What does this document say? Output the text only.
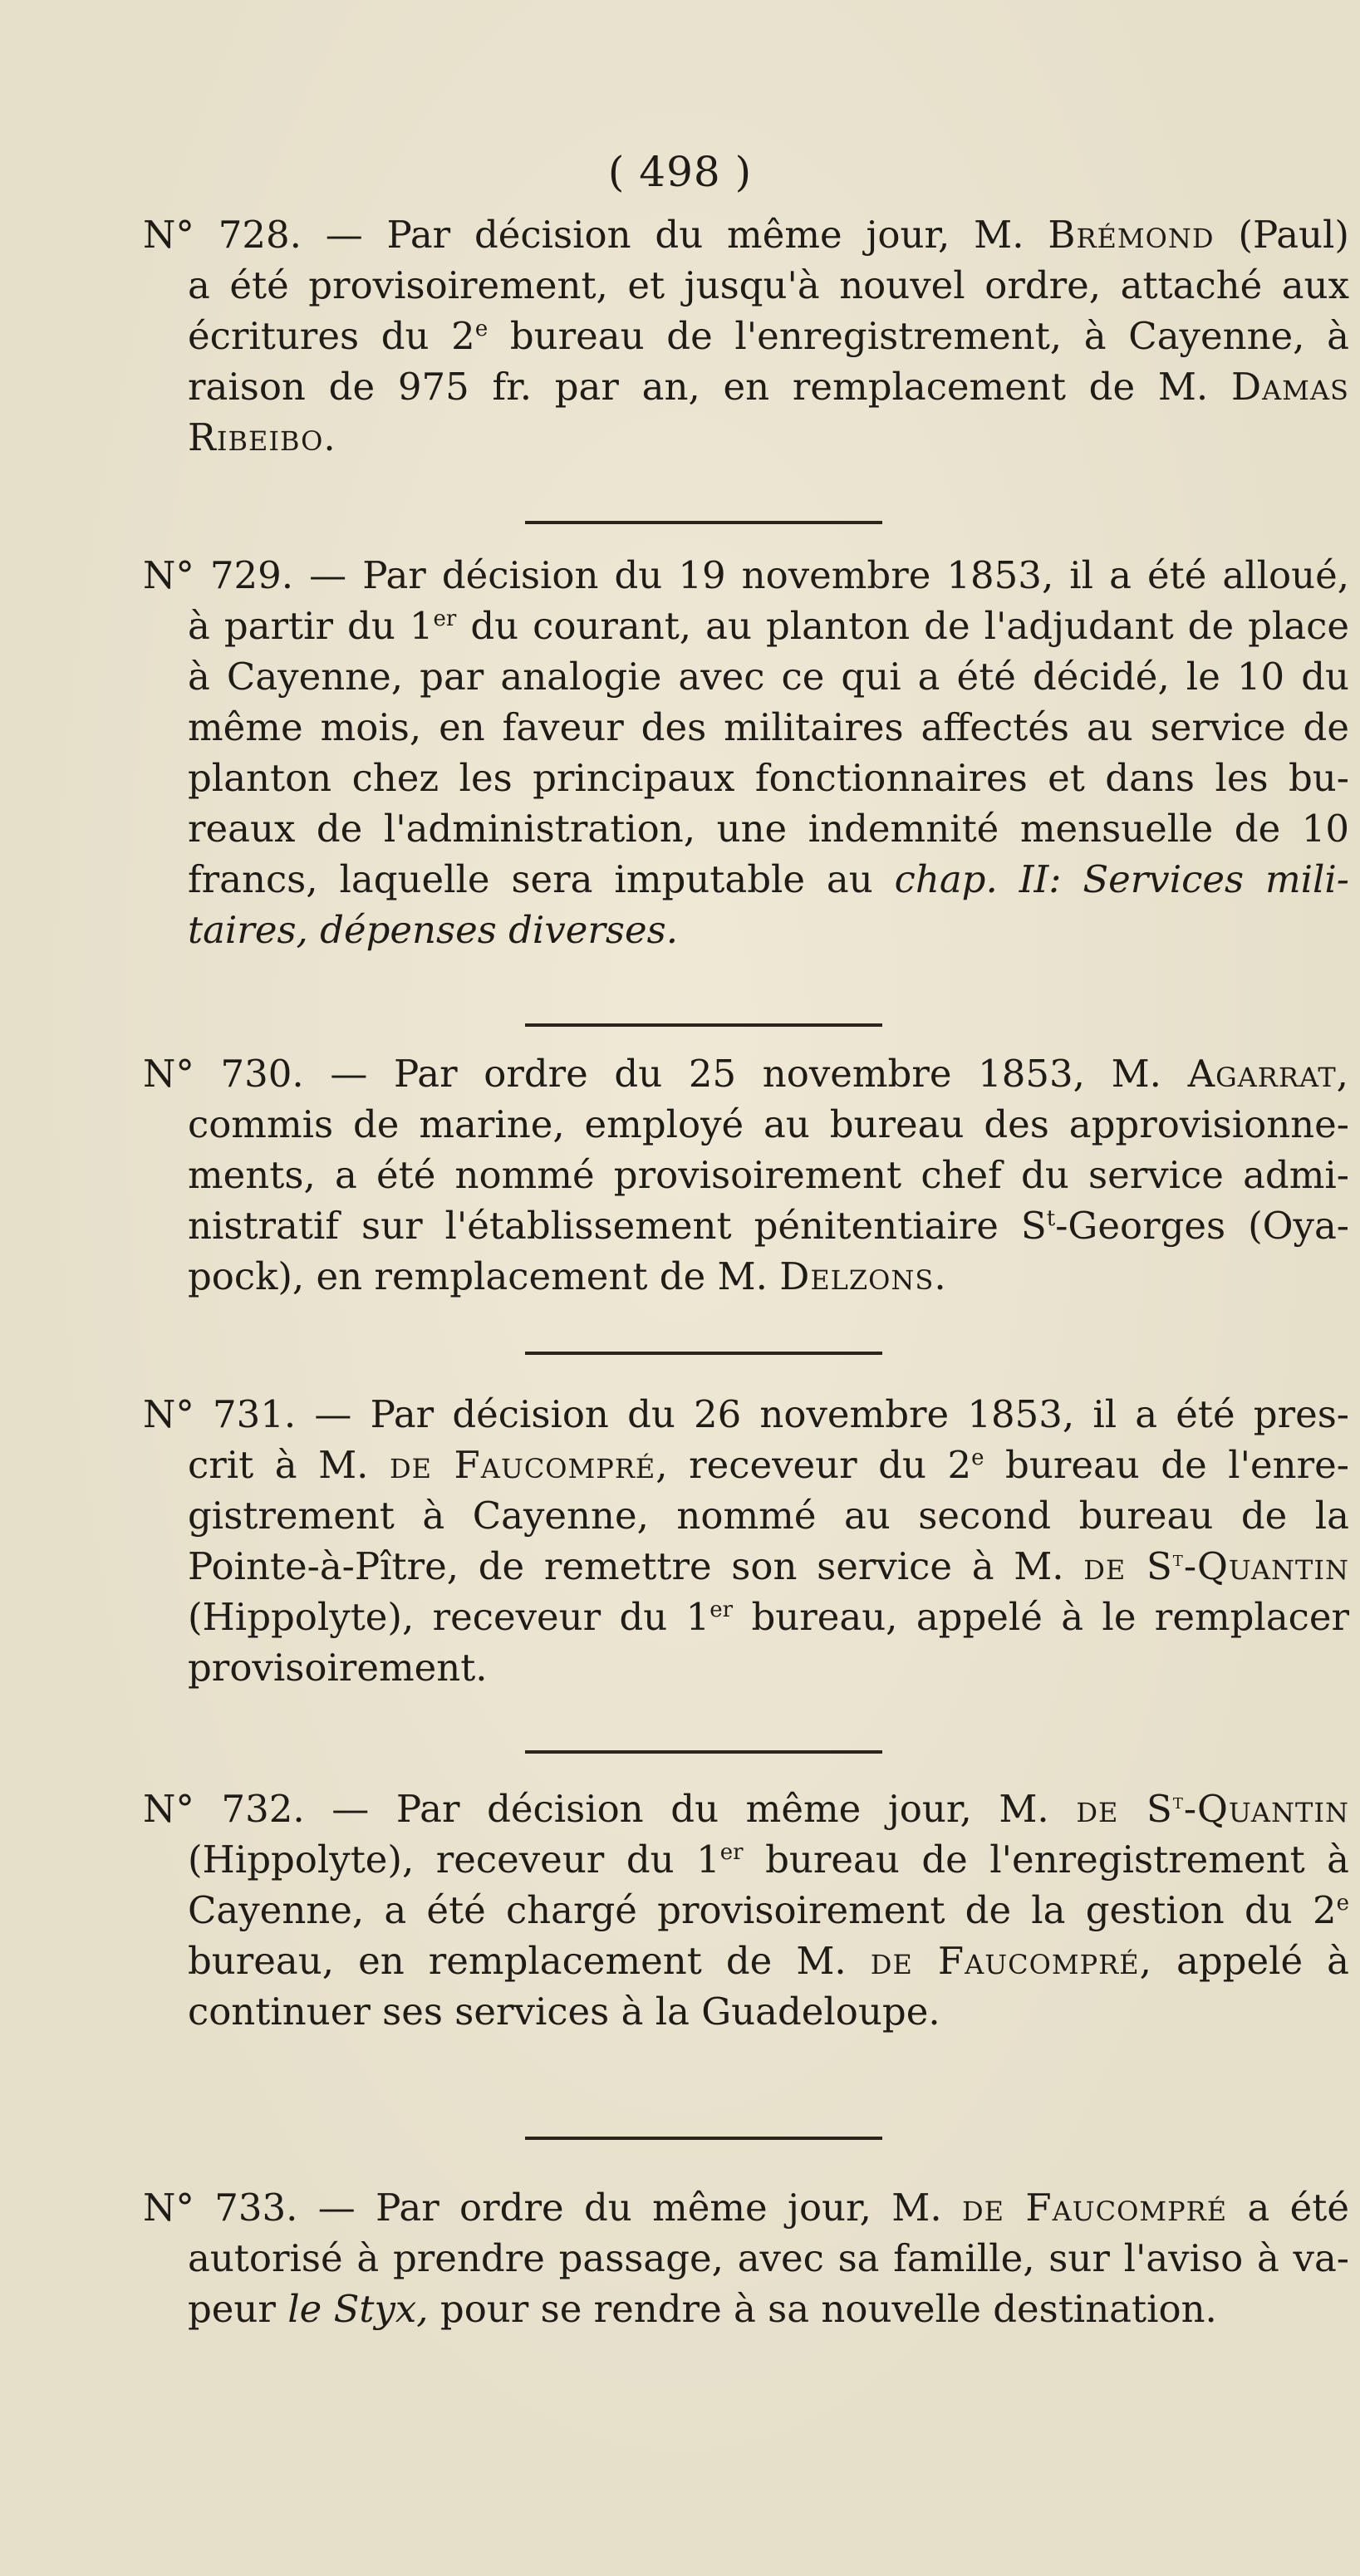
( 498 )
N° 728. — Par décision du même jour, M. Brémond (Paul)
a été provisoirement, et jusqu'à nouvel ordre, attaché aux
écritures du 2e bureau de l'enregistrement, à Cayenne, à
raison de 975 fr. par an, en remplacement de M. Damas
Ribeibo.
N° 729. — Par décision du 19 novembre 1853, il a été alloué,
à partir du 1er du courant, au planton de l'adjudant de place
à Cayenne, par analogie avec ce qui a été décidé, le 10 du
même mois, en faveur des militaires affectés au service de
planton chez les principaux fonctionnaires et dans les bu-
reaux de l'administration, une indemnité mensuelle de 10
francs, laquelle sera imputable au chap. II: Services mili-
taires, dépenses diverses.
N° 730. — Par ordre du 25 novembre 1853, M. Agarrat,
commis de marine, employé au bureau des approvisionne-
ments, a été nommé provisoirement chef du service admi-
nistratif sur l'établissement pénitentiaire $S^t$-Georges (Oya-
pock), en remplacement de M. Delzons.
N° 731. — Par décision du 26 novembre 1853, il a été pres-
crit à M. de Faucompré, receveur du 2e bureau de l'enre-
gistrement à Cayenne, nommé au second bureau de la
Pointe-à-Pître, de remettre son service à M. de $S^t$-Quantin
(Hippolyte), receveur du 1er bureau, appelé à le remplacer
provisoirement.
N° 732. — Par décision du même jour, M. de $S^t$-Quantin
(Hippolyte), receveur du 1er bureau de l'enregistrement à
Cayenne, a été chargé provisoirement de la gestion du 2e
bureau, en remplacement de M. de Faucompré, appelé à
continuer ses services à la Guadeloupe.
N° 733. — Par ordre du même jour, M. de Faucompré a été
autorisé à prendre passage, avec sa famille, sur l'aviso à va-
peur le Styx, pour se rendre à sa nouvelle destination.
